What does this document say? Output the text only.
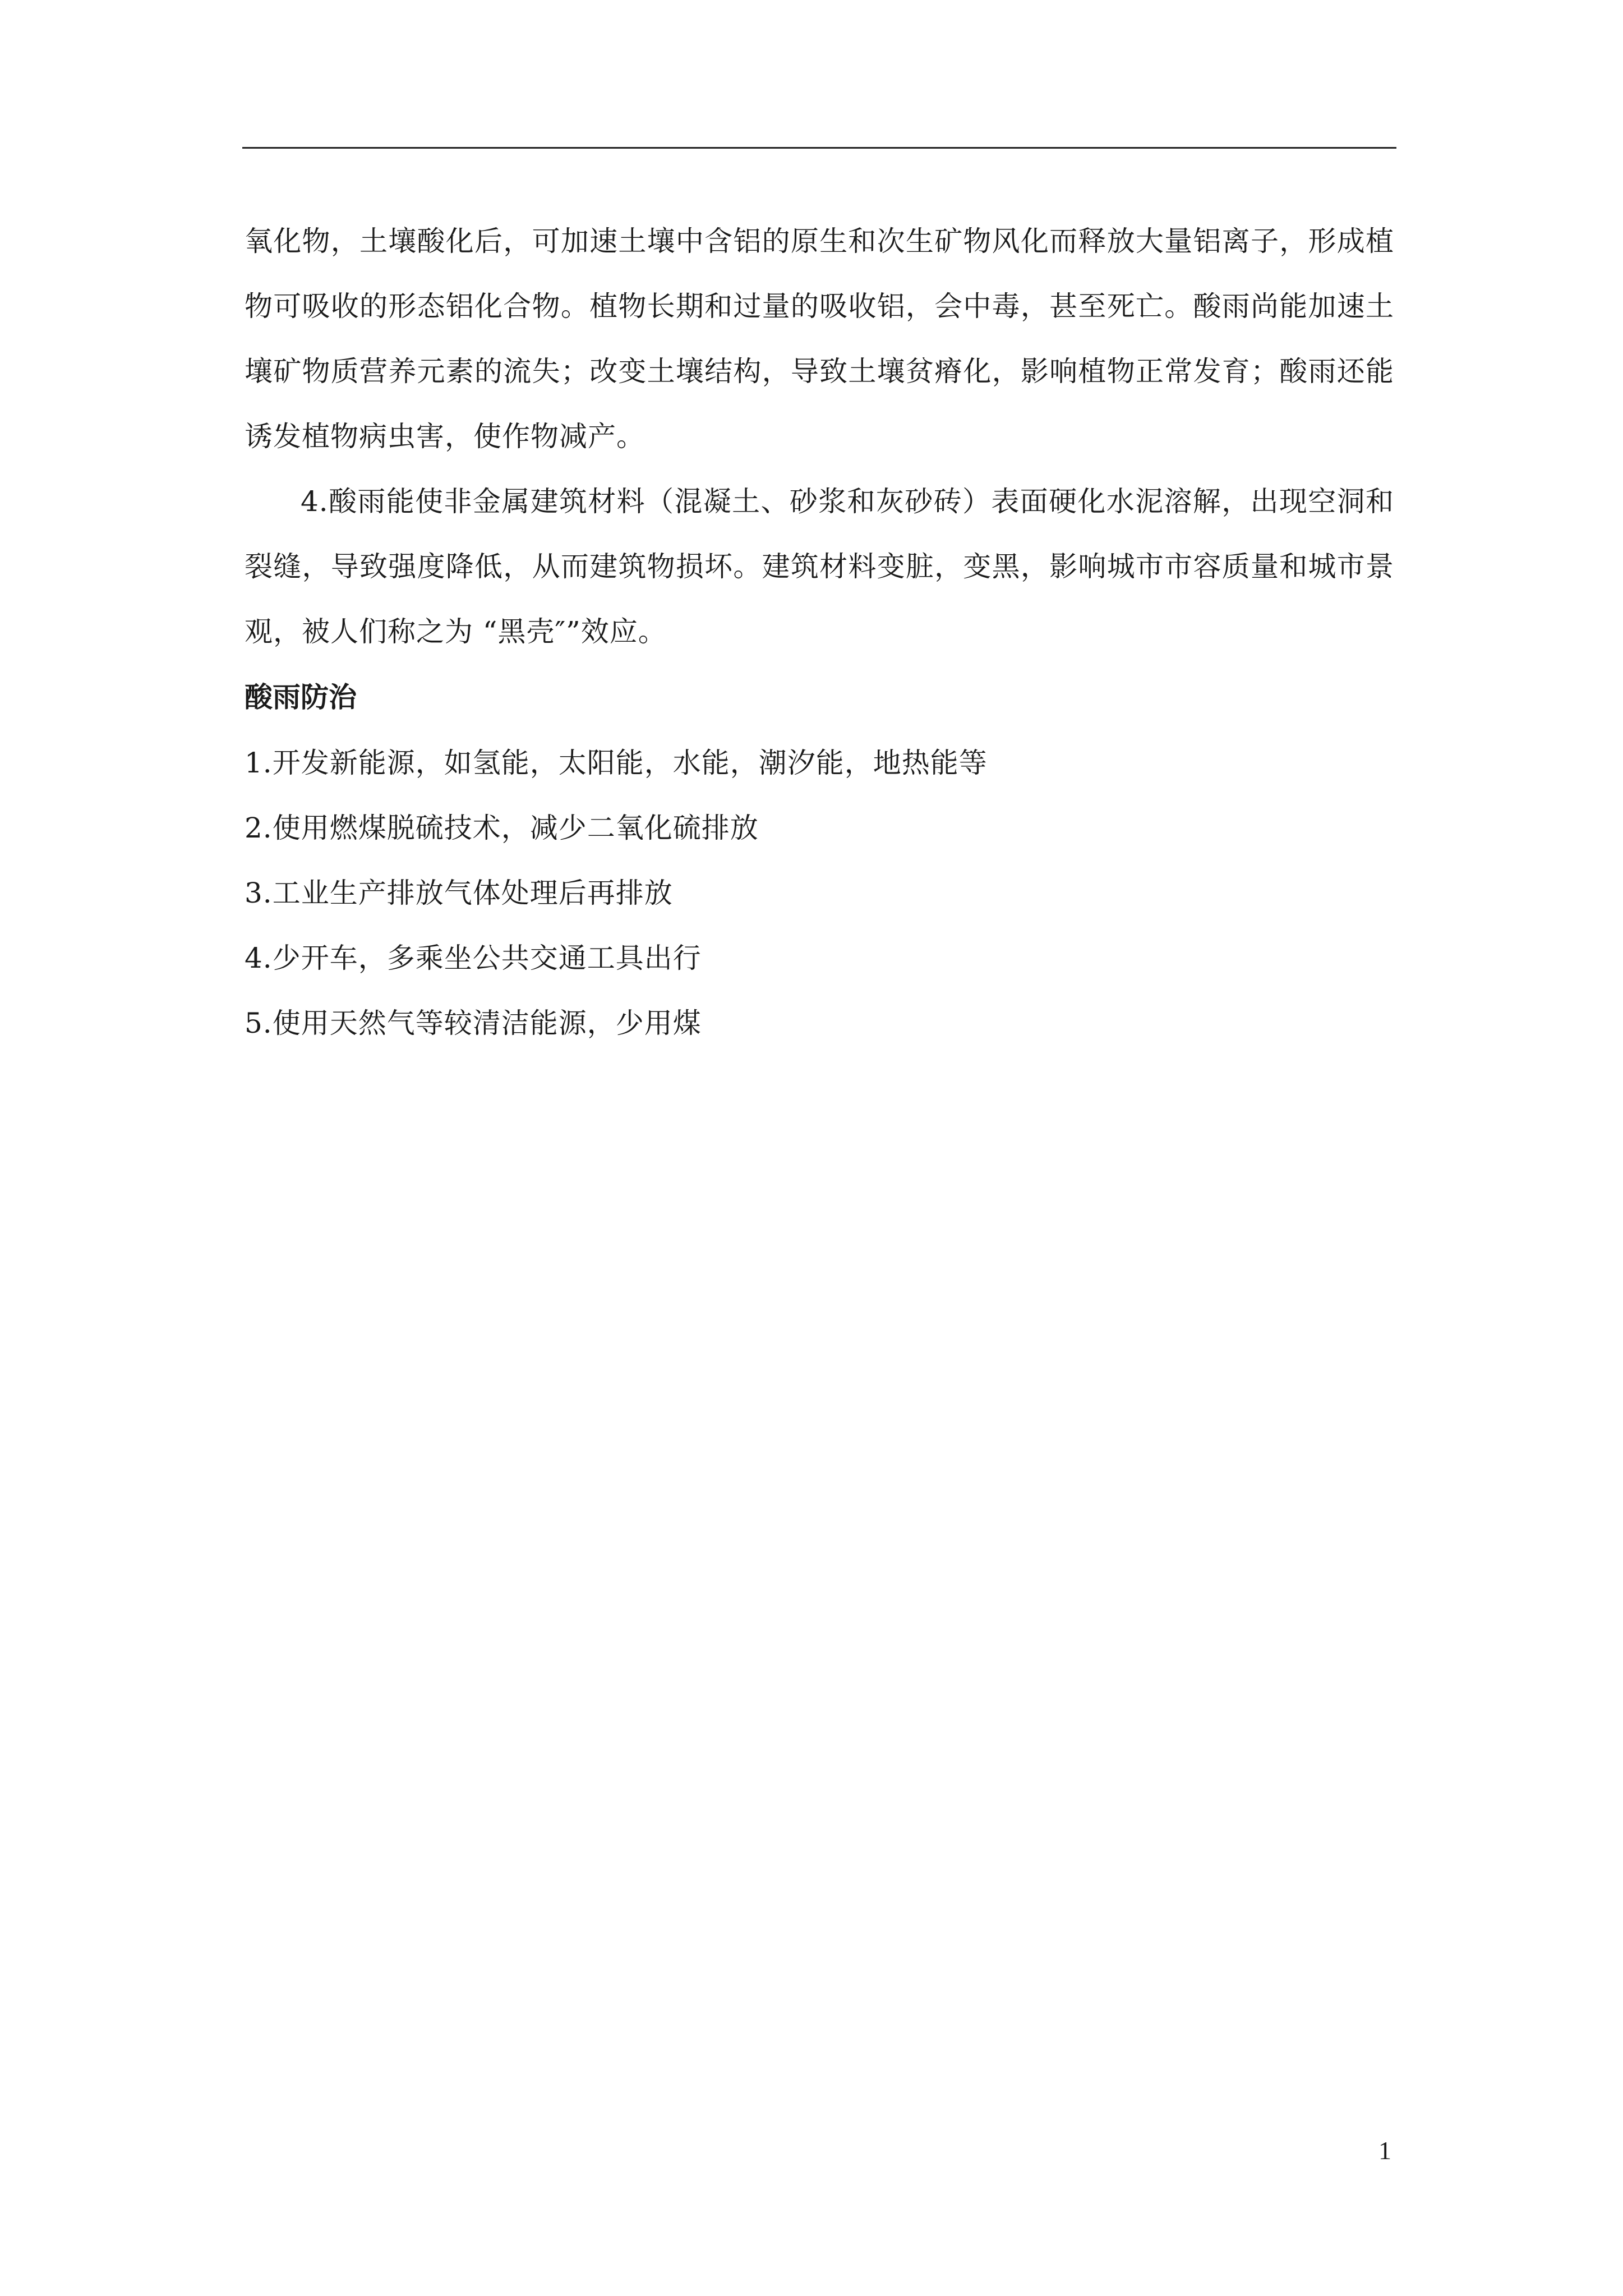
氧化物，土壤酸化后，可加速土壤中含铝的原生和次生矿物风化而释放大量铝离子，形成植物可吸收的形态铝化合物。植物长期和过量的吸收铝，会中毒，甚至死亡。酸雨尚能加速土壤矿物质营养元素的流失；改变土壤结构，导致土壤贫瘠化，影响植物正常发育；酸雨还能诱发植物病虫害，使作物减产。

4.酸雨能使非金属建筑材料（混凝土、砂浆和灰砂砖）表面硬化水泥溶解，出现空洞和裂缝，导致强度降低，从而建筑物损坏。建筑材料变脏，变黑，影响城市市容质量和城市景观，被人们称之为 “黑壳″”效应。

酸雨防治

1.开发新能源，如氢能，太阳能，水能，潮汐能，地热能等

2.使用燃煤脱硫技术，减少二氧化硫排放

3.工业生产排放气体处理后再排放

4.少开车，多乘坐公共交通工具出行

5.使用天然气等较清洁能源，少用煤

1
